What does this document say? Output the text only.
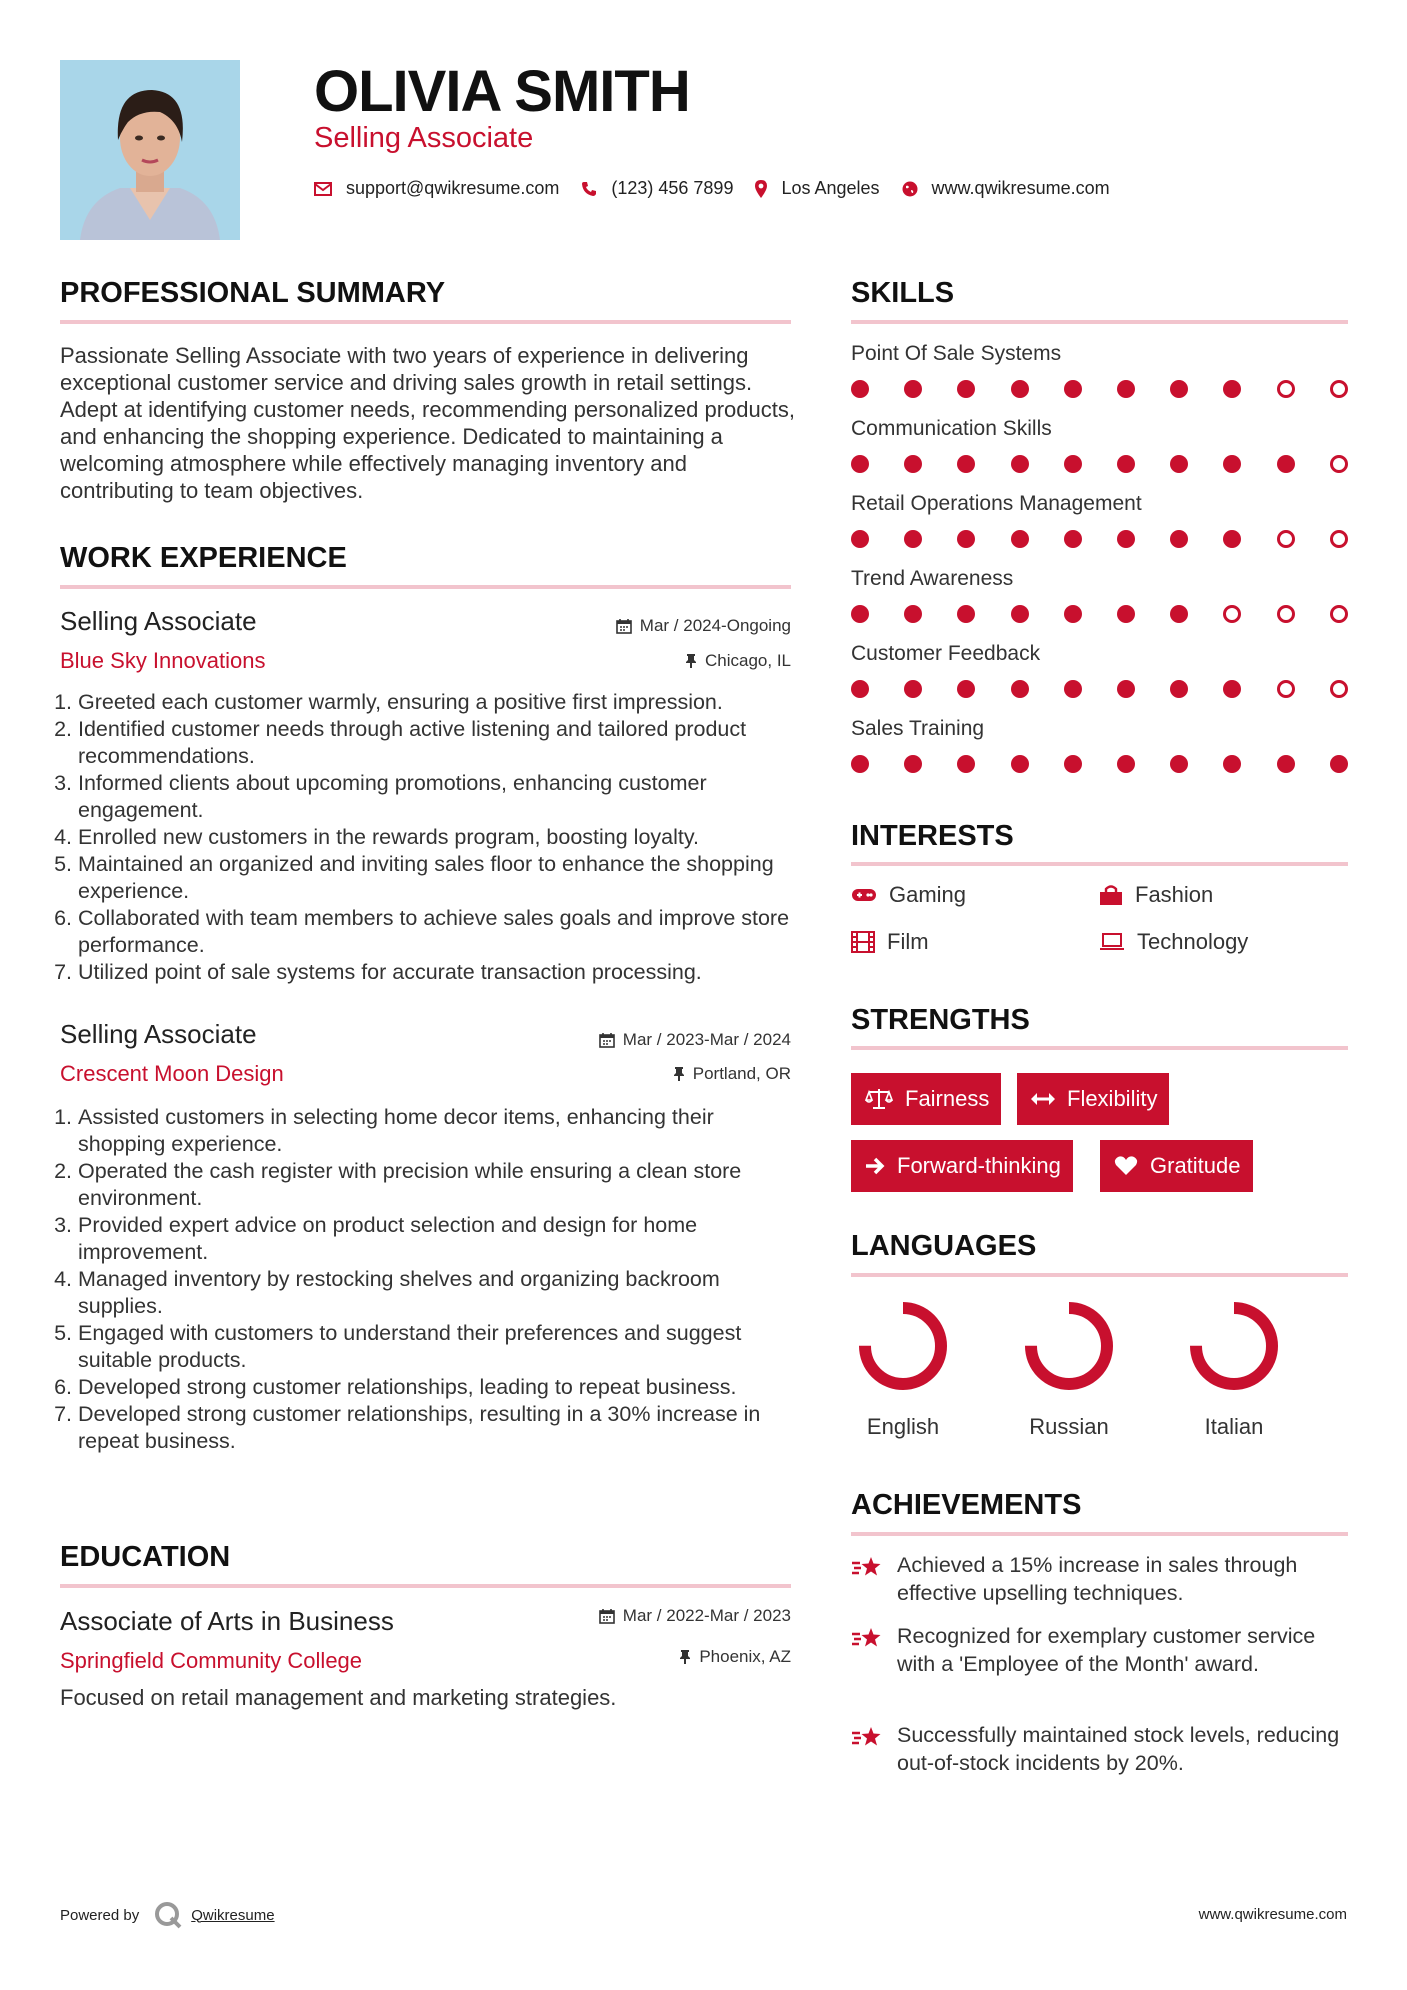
OLIVIA SMITH
Selling Associate
support@qwikresume.com	(123) 456 7899	Los Angeles	www.qwikresume.com
PROFESSIONAL SUMMARY
Passionate Selling Associate with two years of experience in delivering exceptional customer service and driving sales growth in retail settings. Adept at identifying customer needs, recommending personalized products, and enhancing the shopping experience. Dedicated to maintaining a welcoming atmosphere while effectively managing inventory and contributing to team objectives.
WORK EXPERIENCE
Selling Associate
Blue Sky Innovations
Mar / 2024-Ongoing
Chicago, IL
1. Greeted each customer warmly, ensuring a positive first impression.
2. Identified customer needs through active listening and tailored product recommendations.
3. Informed clients about upcoming promotions, enhancing customer engagement.
4. Enrolled new customers in the rewards program, boosting loyalty.
5. Maintained an organized and inviting sales floor to enhance the shopping experience.
6. Collaborated with team members to achieve sales goals and improve store performance.
7. Utilized point of sale systems for accurate transaction processing.
Selling Associate
Crescent Moon Design
Mar / 2023-Mar / 2024
Portland, OR
1. Assisted customers in selecting home decor items, enhancing their shopping experience.
2. Operated the cash register with precision while ensuring a clean store environment.
3. Provided expert advice on product selection and design for home improvement.
4. Managed inventory by restocking shelves and organizing backroom supplies.
5. Engaged with customers to understand their preferences and suggest suitable products.
6. Developed strong customer relationships, leading to repeat business.
7. Developed strong customer relationships, resulting in a 30% increase in repeat business.
EDUCATION
Associate of Arts in Business
Springfield Community College
Mar / 2022-Mar / 2023
Phoenix, AZ
Focused on retail management and marketing strategies.
SKILLS
Point Of Sale Systems
Communication Skills
Retail Operations Management
Trend Awareness
Customer Feedback
Sales Training
INTERESTS
Gaming	Fashion
Film	Technology
STRENGTHS
Fairness	Flexibility
Forward-thinking	Gratitude
LANGUAGES
English	Russian	Italian
ACHIEVEMENTS
Achieved a 15% increase in sales through effective upselling techniques.
Recognized for exemplary customer service with a 'Employee of the Month' award.
Successfully maintained stock levels, reducing out-of-stock incidents by 20%.
Powered by	Qwikresume	www.qwikresume.com
